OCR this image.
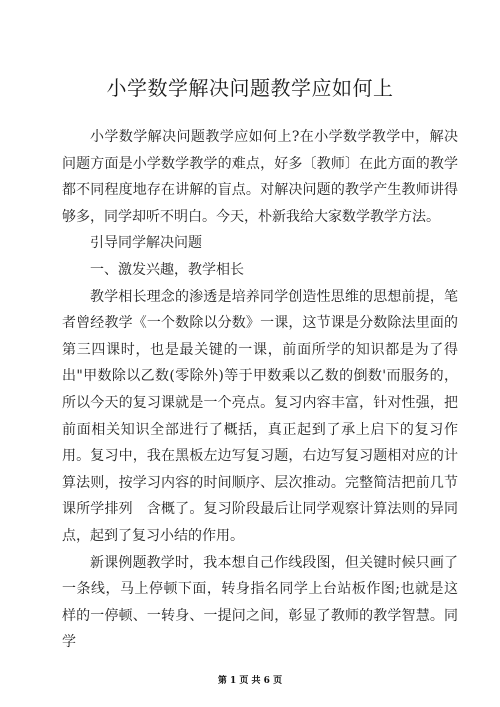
小学数学解决问题教学应如何上

小学数学解决问题教学应如何上?在小学数学教学中，解决问题方面是小学数学教学的难点，好多〔教师〕在此方面的教学都不同程度地存在讲解的盲点。对解决问题的教学产生教师讲得够多，同学却听不明白。今天，朴新我给大家数学教学方法。

引导同学解决问题

一、激发兴趣，教学相长

教学相长理念的渗透是培养同学创造性思维的思想前提，笔者曾经教学《一个数除以分数》一课，这节课是分数除法里面的第三四课时，也是最关键的一课，前面所学的知识都是为了得出"甲数除以乙数(零除外)等于甲数乘以乙数的倒数'而服务的，所以今天的复习课就是一个亮点。复习内容丰富，针对性强，把前面相关知识全部进行了概括，真正起到了承上启下的复习作用。复习中，我在黑板左边写复习题，右边写复习题相对应的计算法则，按学习内容的时间顺序、层次推动。完整简洁把前几节课所学排列　含概了。复习阶段最后让同学观察计算法则的异同点，起到了复习小结的作用。

新课例题教学时，我本想自己作线段图，但关键时候只画了一条线，马上停顿下面，转身指名同学上台站板作图;也就是这样的一停顿、一转身、一提问之间，彰显了教师的教学智慧。同学

第 1 页 共 6 页
